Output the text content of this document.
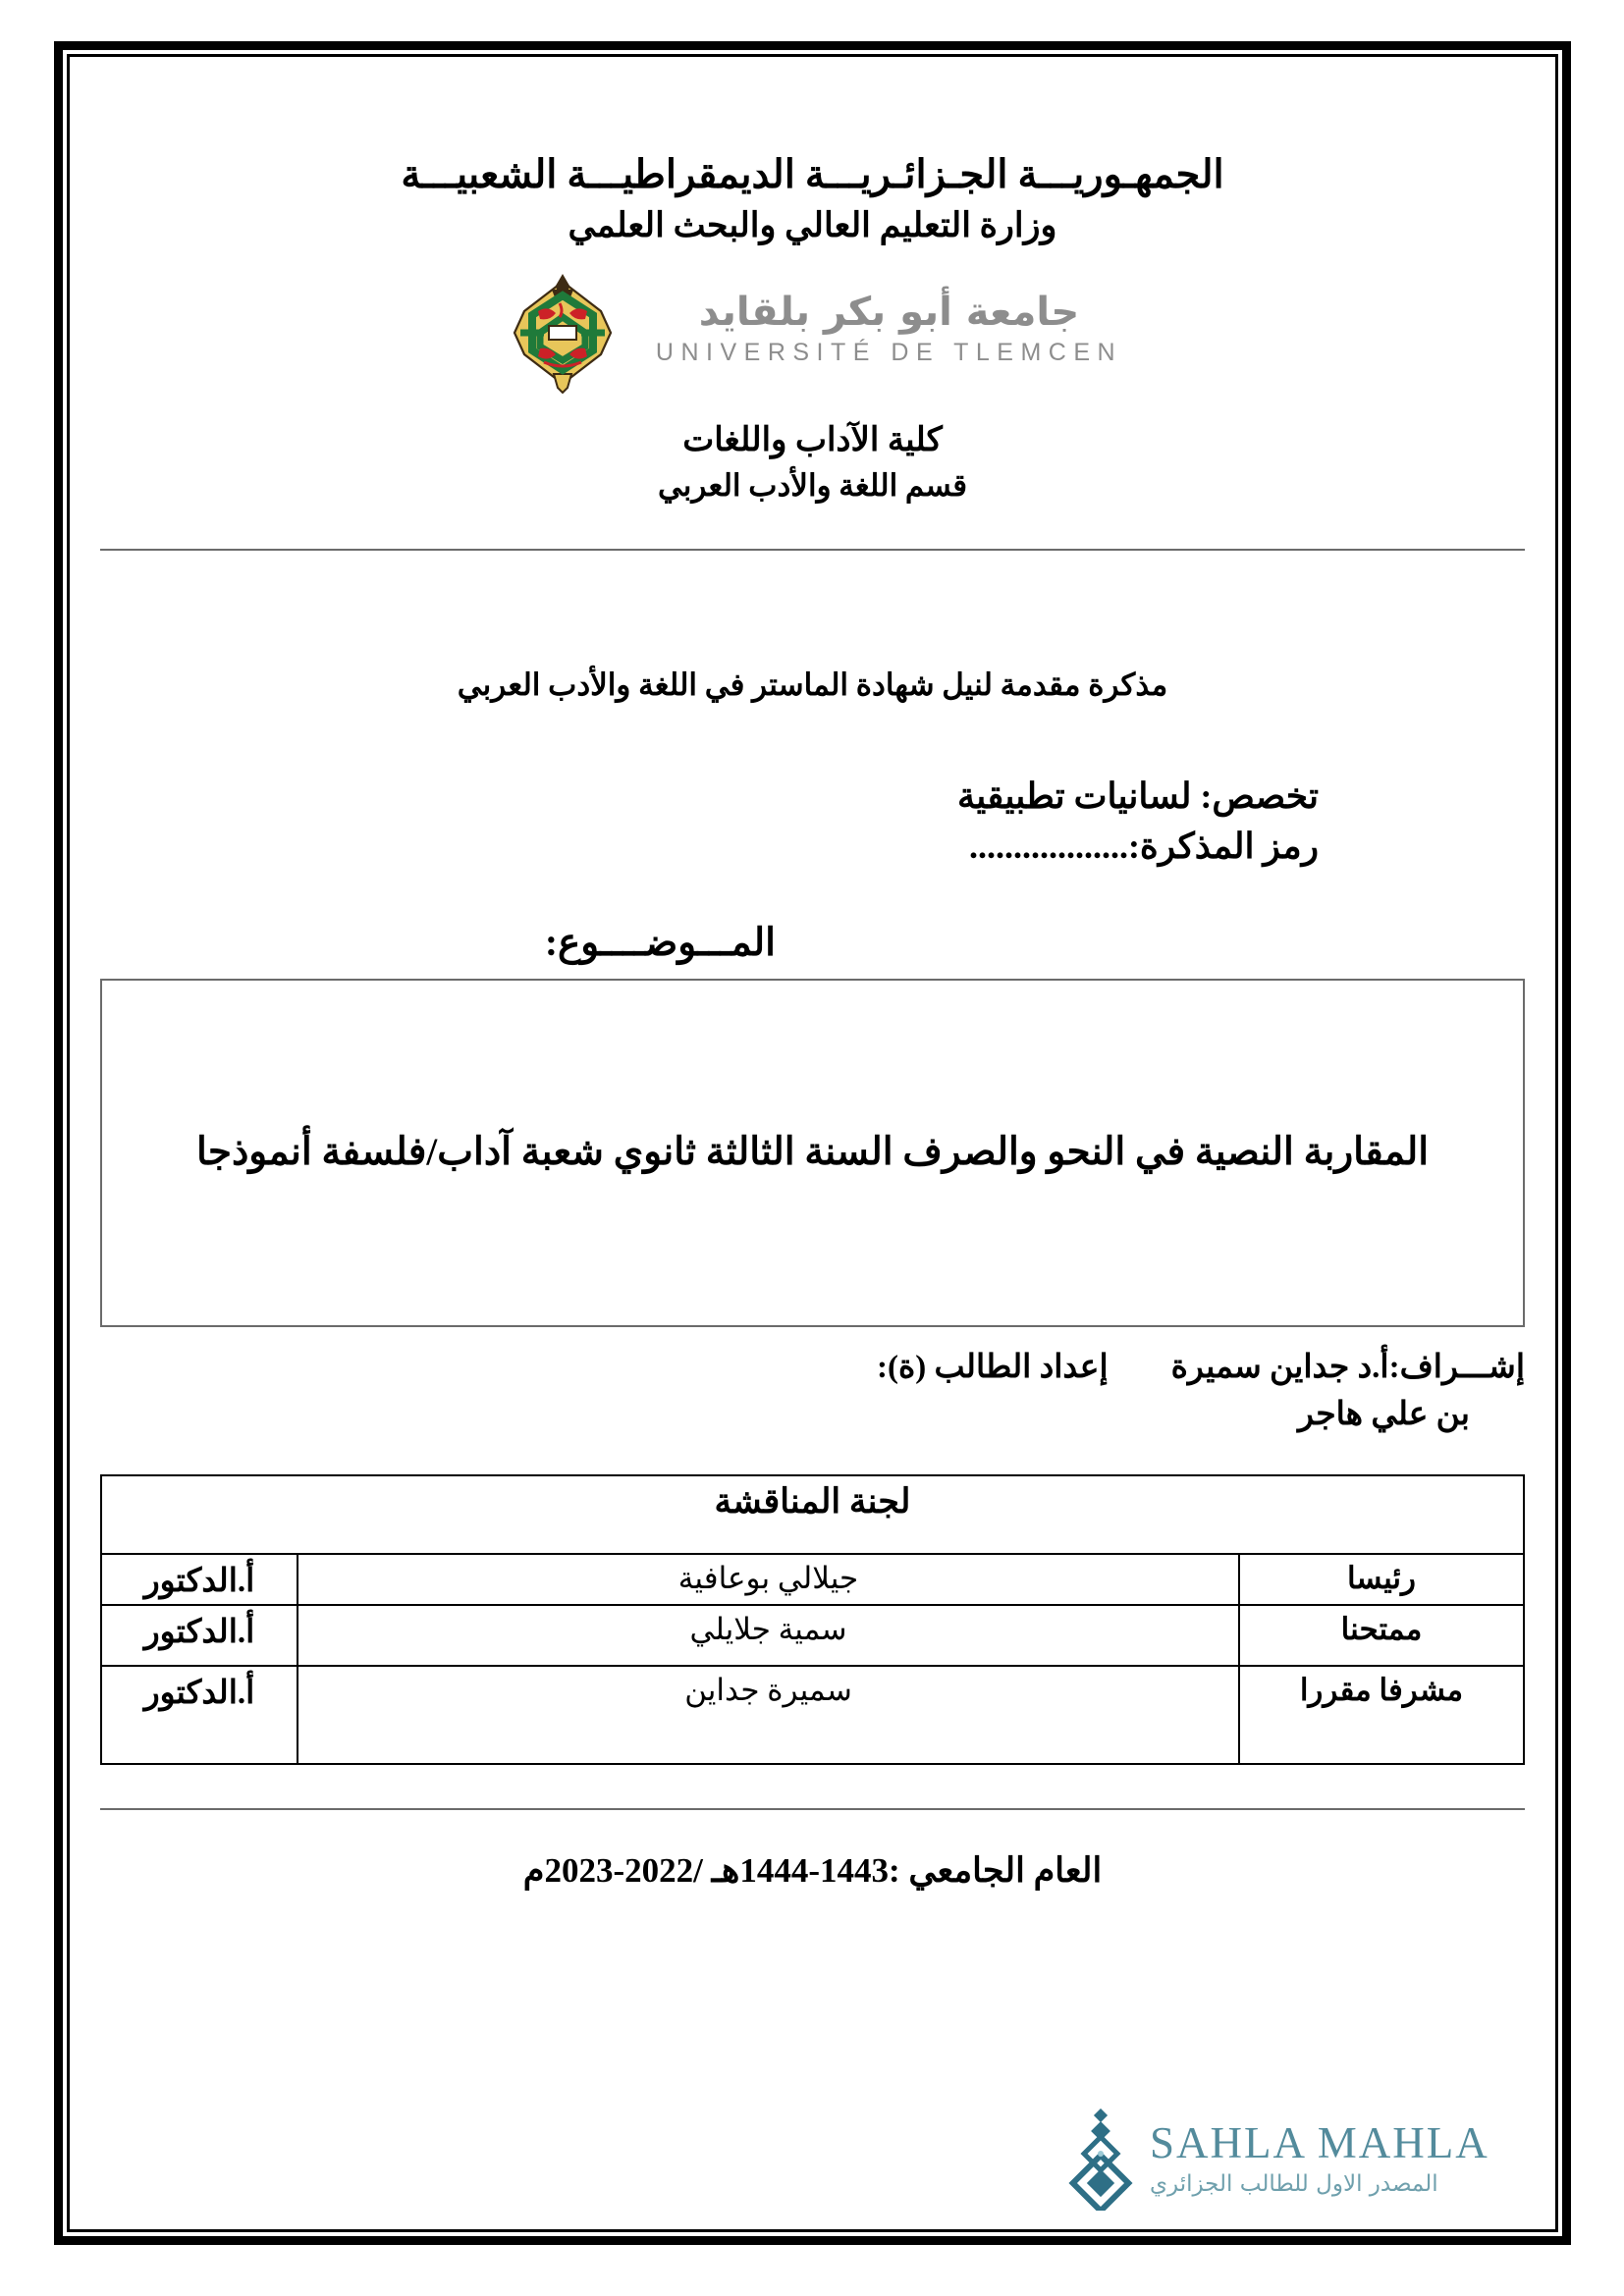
الجمهـوريـــة الجـزائـريـــة الديمقراطيـــة الشعبيـــة
وزارة التعليم العالي والبحث العلمي
جامعة أبو بكر بلقايد
UNIVERSITÉ DE TLEMCEN
كلية الآداب واللغات
قسم اللغة والأدب العربي
مذكرة مقدمة لنيل شهادة الماستر في اللغة والأدب العربي
تخصص: لسانيات تطبيقية
رمز المذكرة:..................
المـــوضــــوع:
المقاربة النصية في النحو والصرف السنة الثالثة ثانوي شعبة آداب/فلسفة أنموذجا
إشـــراف:أ.د جداين سميرة
إعداد الطالب (ة):
بن علي هاجر
لجنة المناقشة		
رئيسا	جيلالي بوعافية	أ.الدكتور
ممتحنا	سمية جلايلي	أ.الدكتور
مشرفا مقررا	سميرة جداين	أ.الدكتور
العام الجامعي :1443-1444هـ /2022-2023م
SAHLA MAHLA
المصدر الاول للطالب الجزائري
